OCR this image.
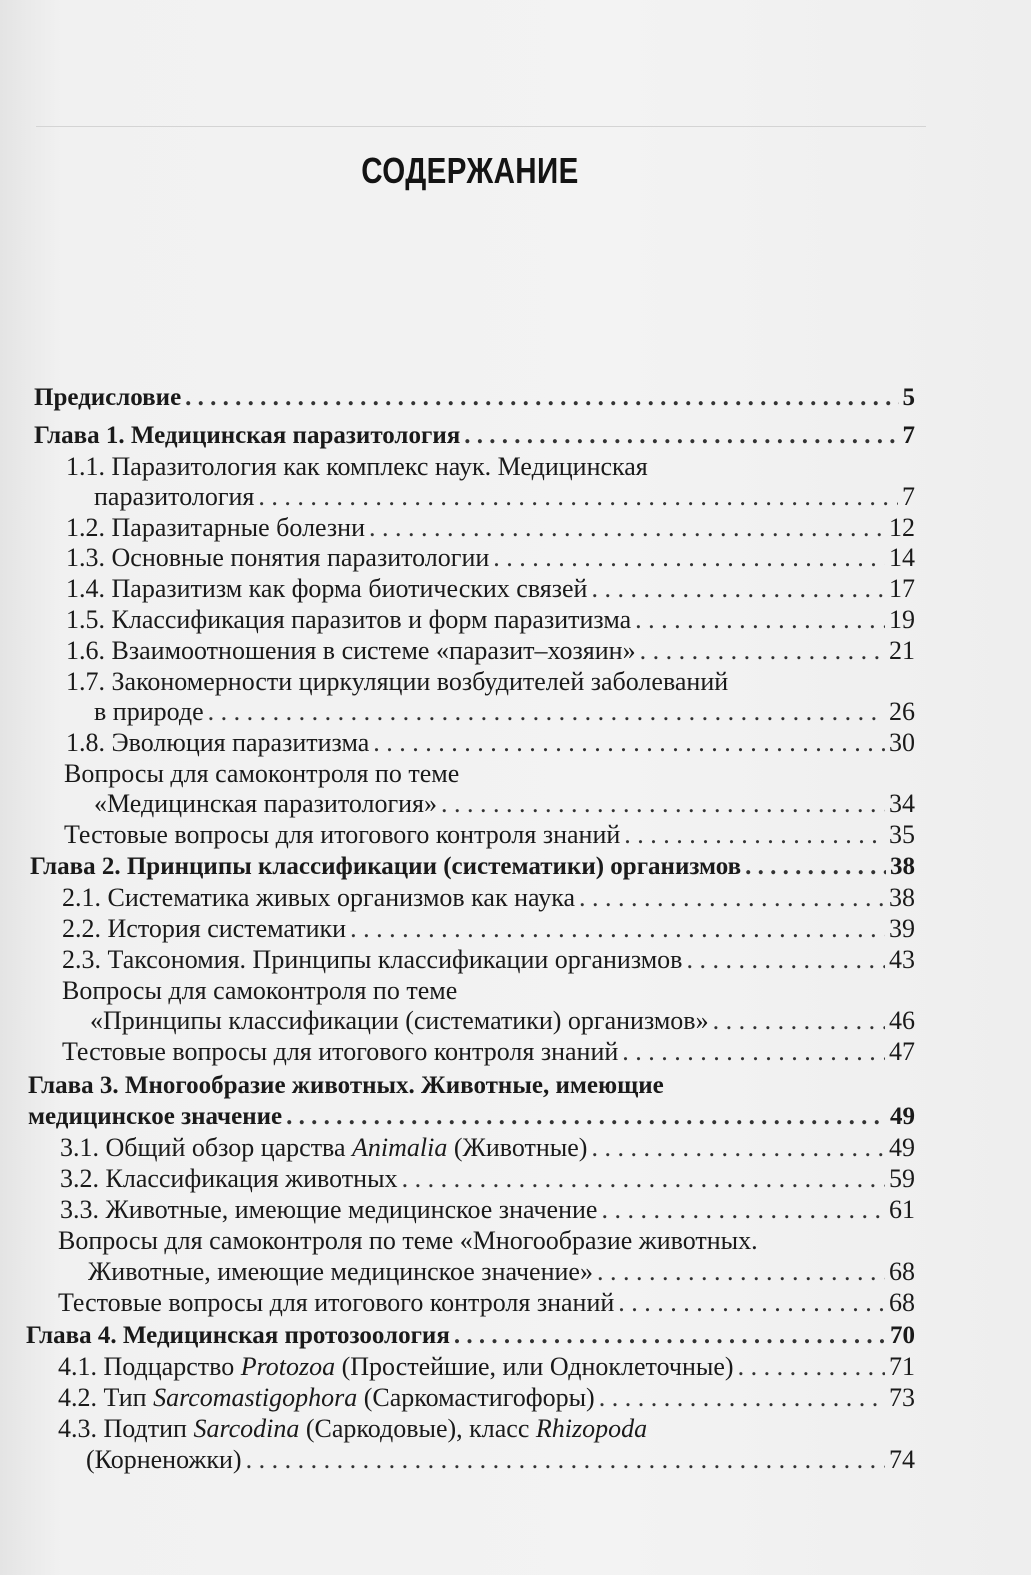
СОДЕРЖАНИЕ
Предисловие . . .	5
Глава 1. Медицинская паразитология . . .	7
1.1. Паразитология как комплекс наук. Медицинская
паразитология . . .	7
1.2. Паразитарные болезни . . .	12
1.3. Основные понятия паразитологии . . .	14
1.4. Паразитизм как форма биотических связей . . .	17
1.5. Классификация паразитов и форм паразитизма . . .	19
1.6. Взаимоотношения в системе «паразит–хозяин» . . .	21
1.7. Закономерности циркуляции возбудителей заболеваний
в природе . . .	26
1.8. Эволюция паразитизма . . .	30
Вопросы для самоконтроля по теме
«Медицинская паразитология» . . .	34
Тестовые вопросы для итогового контроля знаний . . .	35
Глава 2. Принципы классификации (систематики) организмов . . .	38
2.1. Систематика живых организмов как наука . . .	38
2.2. История систематики . . .	39
2.3. Таксономия. Принципы классификации организмов . . .	43
Вопросы для самоконтроля по теме
«Принципы классификации (систематики) организмов» . . .	46
Тестовые вопросы для итогового контроля знаний . . .	47
Глава 3. Многообразие животных. Животные, имеющие
медицинское значение . . .	49
3.1. Общий обзор царства Animalia (Животные) . . .	49
3.2. Классификация животных . . .	59
3.3. Животные, имеющие медицинское значение . . .	61
Вопросы для самоконтроля по теме «Многообразие животных.
Животные, имеющие медицинское значение» . . .	68
Тестовые вопросы для итогового контроля знаний . . .	68
Глава 4. Медицинская протозоология . . .	70
4.1. Подцарство Protozoa (Простейшие, или Одноклеточные) . . .	71
4.2. Тип Sarcomastigophora (Саркомастигофоры) . . .	73
4.3. Подтип Sarcodina (Саркодовые), класс Rhizopoda
(Корненожки) . . .	74
